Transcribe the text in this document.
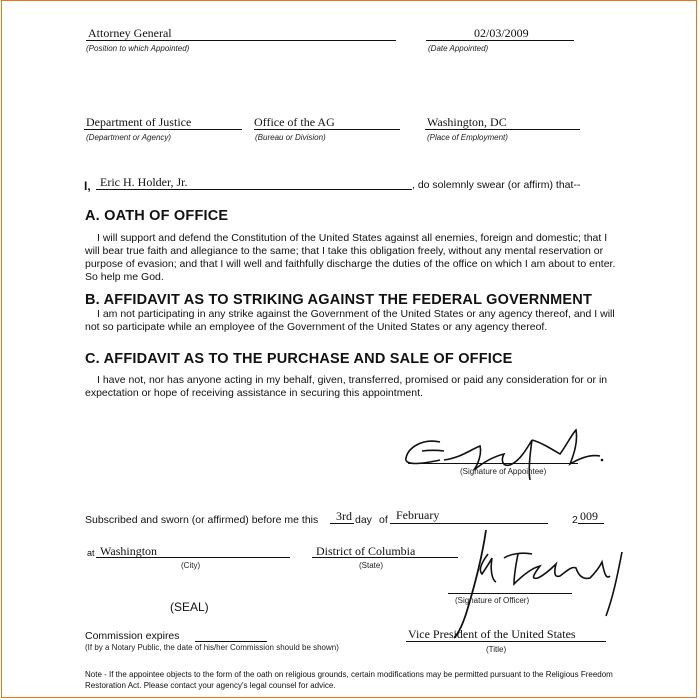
Attorney General
(Position to which Appointed)
02/03/2009
(Date Appointed)
Department of Justice
(Department or Agency)
Office of the AG
(Bureau or Division)
Washington, DC
(Place of Employment)
I, Eric H. Holder, Jr.	, do solemnly swear (or affirm) that--
A. OATH OF OFFICE
I will support and defend the Constitution of the United States against all enemies, foreign and domestic; that I will bear true faith and allegiance to the same; that I take this obligation freely, without any mental reservation or purpose of evasion; and that I will well and faithfully discharge the duties of the office on which I am about to enter. So help me God.
B. AFFIDAVIT AS TO STRIKING AGAINST THE FEDERAL GOVERNMENT
I am not participating in any strike against the Government of the United States or any agency thereof, and I will not so participate while an employee of the Government of the United States or any agency thereof.
C. AFFIDAVIT AS TO THE PURCHASE AND SALE OF OFFICE
I have not, nor has anyone acting in my behalf, given, transferred, promised or paid any consideration for or in expectation or hope of receiving assistance in securing this appointment.
(Signature of Appointee)
Subscribed and sworn (or affirmed) before me this 3rd day of February	2 009
at Washington
(City)
District of Columbia
(State)
(Signature of Officer)
(SEAL)
Commission expires
(If by a Notary Public, the date of his/her Commission should be shown)
Vice President of the United States
(Title)
Note - If the appointee objects to the form of the oath on religious grounds, certain modifications may be permitted pursuant to the Religious Freedom Restoration Act. Please contact your agency's legal counsel for advice.
